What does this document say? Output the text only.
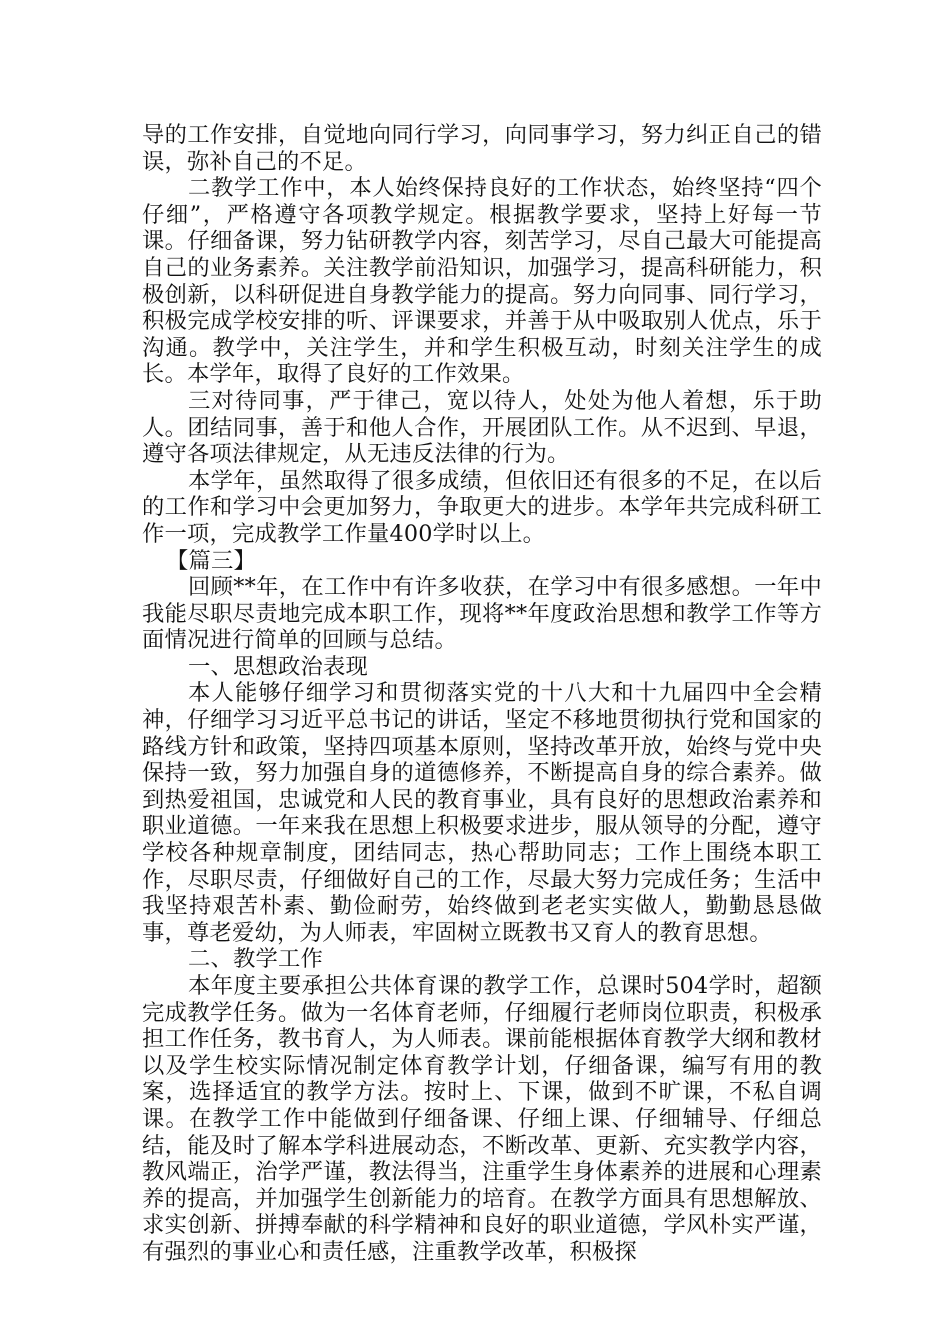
导的工作安排，自觉地向同行学习，向同事学习，努力纠正自己的错误，弥补自己的不足。

二教学工作中，本人始终保持良好的工作状态，始终坚持“四个仔细”，严格遵守各项教学规定。根据教学要求，坚持上好每一节课。仔细备课，努力钻研教学内容，刻苦学习，尽自己最大可能提高自己的业务素养。关注教学前沿知识，加强学习，提高科研能力，积极创新，以科研促进自身教学能力的提高。努力向同事、同行学习，积极完成学校安排的听、评课要求，并善于从中吸取别人优点，乐于沟通。教学中，关注学生，并和学生积极互动，时刻关注学生的成长。本学年，取得了良好的工作效果。

三对待同事，严于律己，宽以待人，处处为他人着想，乐于助人。团结同事，善于和他人合作，开展团队工作。从不迟到、早退，遵守各项法律规定，从无违反法律的行为。

本学年，虽然取得了很多成绩，但依旧还有很多的不足，在以后的工作和学习中会更加努力，争取更大的进步。本学年共完成科研工作一项，完成教学工作量400学时以上。

【篇三】

回顾**年，在工作中有许多收获，在学习中有很多感想。一年中我能尽职尽责地完成本职工作，现将**年度政治思想和教学工作等方面情况进行简单的回顾与总结。

一、思想政治表现

本人能够仔细学习和贯彻落实党的十八大和十九届四中全会精神，仔细学习习近平总书记的讲话，坚定不移地贯彻执行党和国家的路线方针和政策，坚持四项基本原则，坚持改革开放，始终与党中央保持一致，努力加强自身的道德修养，不断提高自身的综合素养。做到热爱祖国，忠诚党和人民的教育事业，具有良好的思想政治素养和职业道德。一年来我在思想上积极要求进步，服从领导的分配，遵守学校各种规章制度，团结同志，热心帮助同志；工作上围绕本职工作，尽职尽责，仔细做好自己的工作，尽最大努力完成任务；生活中我坚持艰苦朴素、勤俭耐劳，始终做到老老实实做人，勤勤恳恳做事，尊老爱幼，为人师表，牢固树立既教书又育人的教育思想。

二、教学工作

本年度主要承担公共体育课的教学工作，总课时504学时，超额完成教学任务。做为一名体育老师，仔细履行老师岗位职责，积极承担工作任务，教书育人，为人师表。课前能根据体育教学大纲和教材以及学生校实际情况制定体育教学计划，仔细备课，编写有用的教案，选择适宜的教学方法。按时上、下课，做到不旷课，不私自调课。在教学工作中能做到仔细备课、仔细上课、仔细辅导、仔细总结，能及时了解本学科进展动态，不断改革、更新、充实教学内容，教风端正，治学严谨，教法得当，注重学生身体素养的进展和心理素养的提高，并加强学生创新能力的培育。在教学方面具有思想解放、求实创新、拼搏奉献的科学精神和良好的职业道德，学风朴实严谨，有强烈的事业心和责任感，注重教学改革，积极探
